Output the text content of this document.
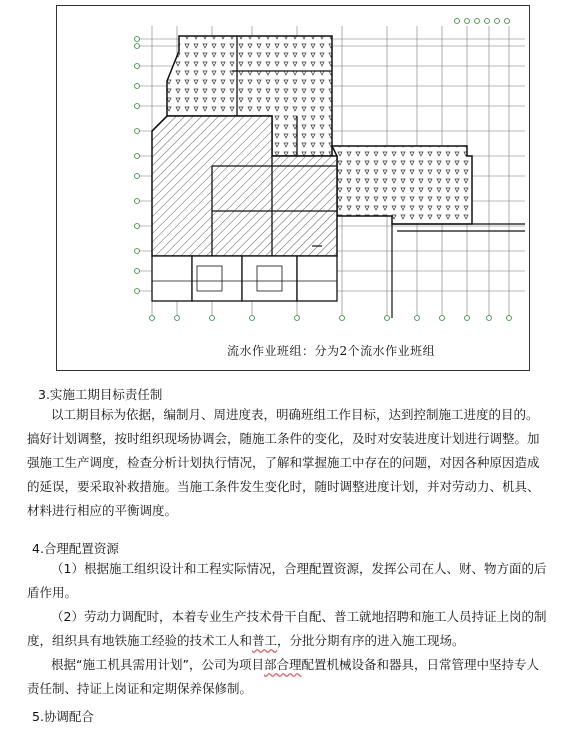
流水作业班组：分为2个流水作业班组
3.实施工期目标责任制
以工期目标为依据，编制月、周进度表，明确班组工作目标，达到控制施工进度的目的。搞好计划调整，按时组织现场协调会，随施工条件的变化，及时对安装进度计划进行调整。加强施工生产调度，检查分析计划执行情况，了解和掌握施工中存在的问题，对因各种原因造成的延误，要采取补救措施。当施工条件发生变化时，随时调整进度计划，并对劳动力、机具、材料进行相应的平衡调度。
4.合理配置资源
（1）根据施工组织设计和工程实际情况，合理配置资源，发挥公司在人、财、物方面的后盾作用。
（2）劳动力调配时，本着专业生产技术骨干自配、普工就地招聘和施工人员持证上岗的制度，组织具有地铁施工经验的技术工人和普工，分批分期有序的进入施工现场。
根据“施工机具需用计划”，公司为项目部合理配置机械设备和器具，日常管理中坚持专人责任制、持证上岗证和定期保养保修制。
5.协调配合
